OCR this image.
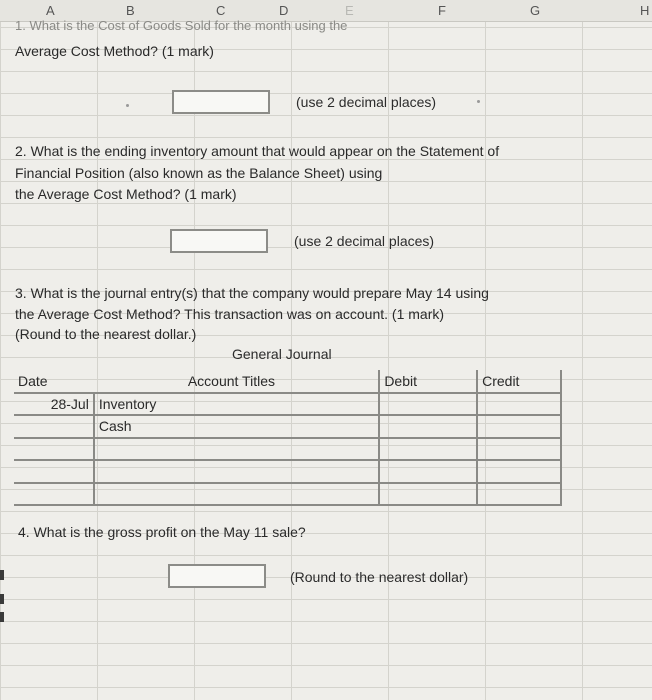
A	B	C	D	E	F	G	H
1. What is the Cost of Goods Sold for the month using the
Average Cost Method? (1 mark)
(use 2 decimal places)
2. What is the ending inventory amount that would appear on the Statement of
Financial Position (also known as the Balance Sheet) using
the Average Cost Method? (1 mark)
(use 2 decimal places)
3. What is the journal entry(s) that the company would prepare May 14 using
the Average Cost Method? This transaction was on account. (1 mark)
(Round to the nearest dollar.)
General Journal
Date	Account Titles	Debit	Credit
28-Jul	Inventory		
	Cash		

4. What is the gross profit on the May 11 sale?
(Round to the nearest dollar)
